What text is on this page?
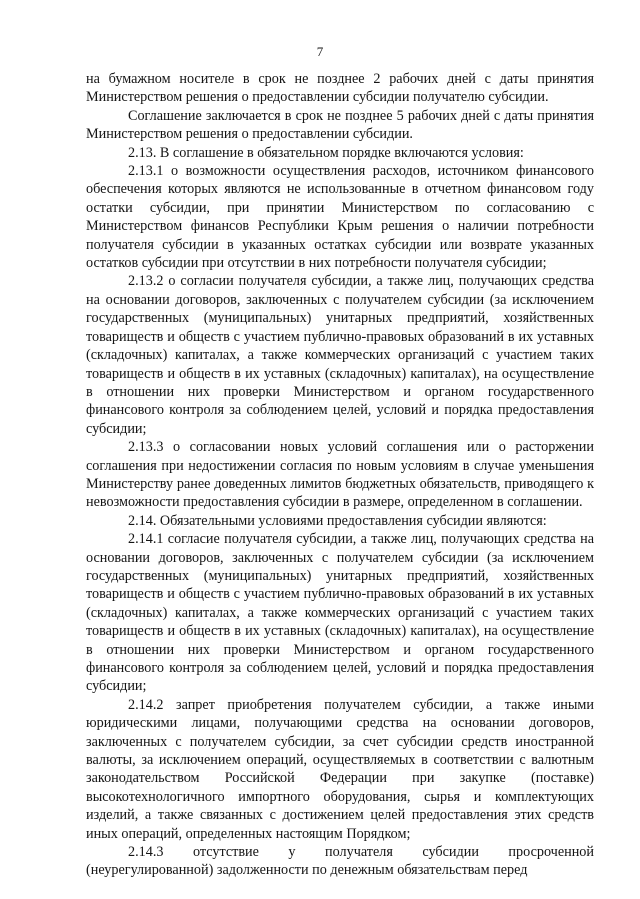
7

на бумажном носителе в срок не позднее 2 рабочих дней с даты принятия Министерством решения о предоставлении субсидии получателю субсидии.

Соглашение заключается в срок не позднее 5 рабочих дней с даты принятия Министерством решения о предоставлении субсидии.

2.13. В соглашение в обязательном порядке включаются условия:

2.13.1 о возможности осуществления расходов, источником финансового обеспечения которых являются не использованные в отчетном финансовом году остатки субсидии, при принятии Министерством по согласованию с Министерством финансов Республики Крым решения о наличии потребности получателя субсидии в указанных остатках субсидии или возврате указанных остатков субсидии при отсутствии в них потребности получателя субсидии;

2.13.2 о согласии получателя субсидии, а также лиц, получающих средства на основании договоров, заключенных с получателем субсидии (за исключением государственных (муниципальных) унитарных предприятий, хозяйственных товариществ и обществ с участием публично-правовых образований в их уставных (складочных) капиталах, а также коммерческих организаций с участием таких товариществ и обществ в их уставных (складочных) капиталах), на осуществление в отношении них проверки Министерством и органом государственного финансового контроля за соблюдением целей, условий и порядка предоставления субсидии;

2.13.3 о согласовании новых условий соглашения или о расторжении соглашения при недостижении согласия по новым условиям в случае уменьшения Министерству ранее доведенных лимитов бюджетных обязательств, приводящего к невозможности предоставления субсидии в размере, определенном в соглашении.

2.14. Обязательными условиями предоставления субсидии являются:

2.14.1 согласие получателя субсидии, а также лиц, получающих средства на основании договоров, заключенных с получателем субсидии (за исключением государственных (муниципальных) унитарных предприятий, хозяйственных товариществ и обществ с участием публично-правовых образований в их уставных (складочных) капиталах, а также коммерческих организаций с участием таких товариществ и обществ в их уставных (складочных) капиталах), на осуществление в отношении них проверки Министерством и органом государственного финансового контроля за соблюдением целей, условий и порядка предоставления субсидии;

2.14.2 запрет приобретения получателем субсидии, а также иными юридическими лицами, получающими средства на основании договоров, заключенных с получателем субсидии, за счет субсидии средств иностранной валюты, за исключением операций, осуществляемых в соответствии с валютным законодательством Российской Федерации при закупке (поставке) высокотехнологичного импортного оборудования, сырья и комплектующих изделий, а также связанных с достижением целей предоставления этих средств иных операций, определенных настоящим Порядком;

2.14.3 отсутствие у получателя субсидии просроченной (неурегулированной) задолженности по денежным обязательствам перед
